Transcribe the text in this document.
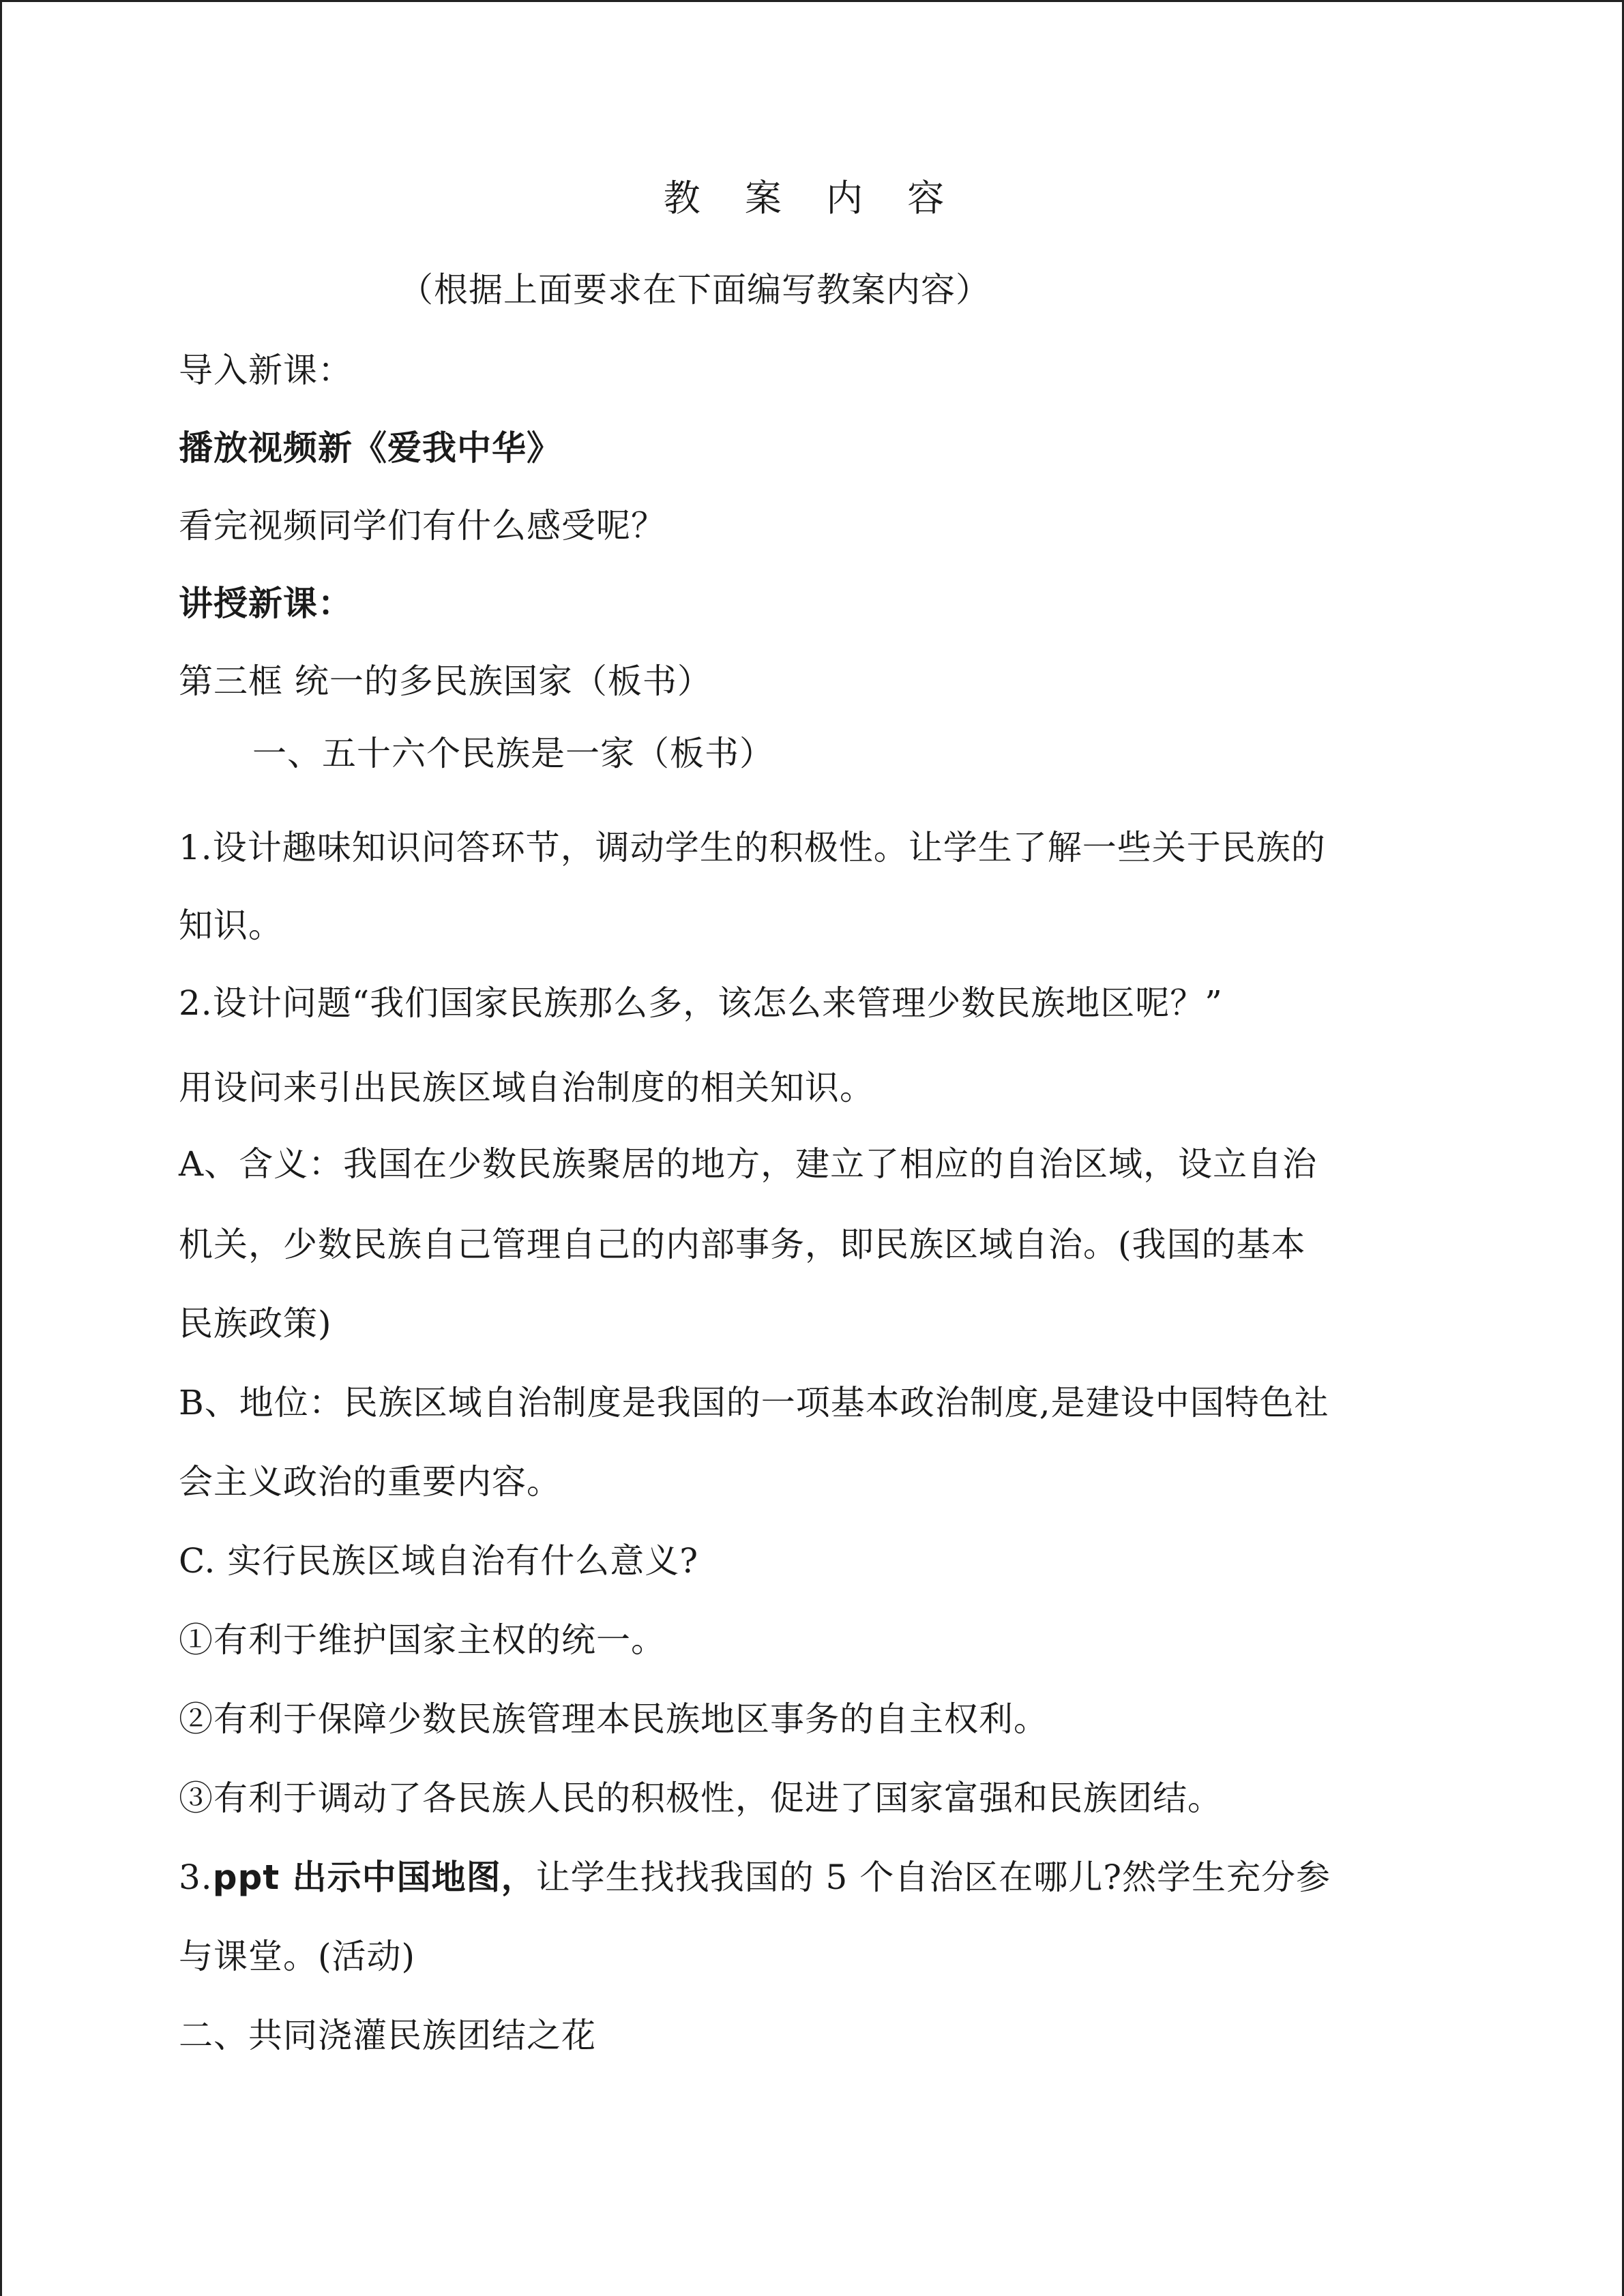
教 案 内 容
（根据上面要求在下面编写教案内容）
导入新课：
播放视频新《爱我中华》
看完视频同学们有什么感受呢？
讲授新课：
第三框 统一的多民族国家（板书）
一、五十六个民族是一家（板书）
1.设计趣味知识问答环节，调动学生的积极性。让学生了解一些关于民族的
知识。
2.设计问题“我们国家民族那么多，该怎么来管理少数民族地区呢？”
用设问来引出民族区域自治制度的相关知识。
A、含义：我国在少数民族聚居的地方，建立了相应的自治区域，设立自治
机关，少数民族自己管理自己的内部事务，即民族区域自治。(我国的基本
民族政策)
B、地位：民族区域自治制度是我国的一项基本政治制度,是建设中国特色社
会主义政治的重要内容。
C. 实行民族区域自治有什么意义?
①有利于维护国家主权的统一。
②有利于保障少数民族管理本民族地区事务的自主权利。
③有利于调动了各民族人民的积极性，促进了国家富强和民族团结。
3.ppt 出示中国地图，让学生找找我国的 5 个自治区在哪儿?然学生充分参
与课堂。(活动)
二、共同浇灌民族团结之花
